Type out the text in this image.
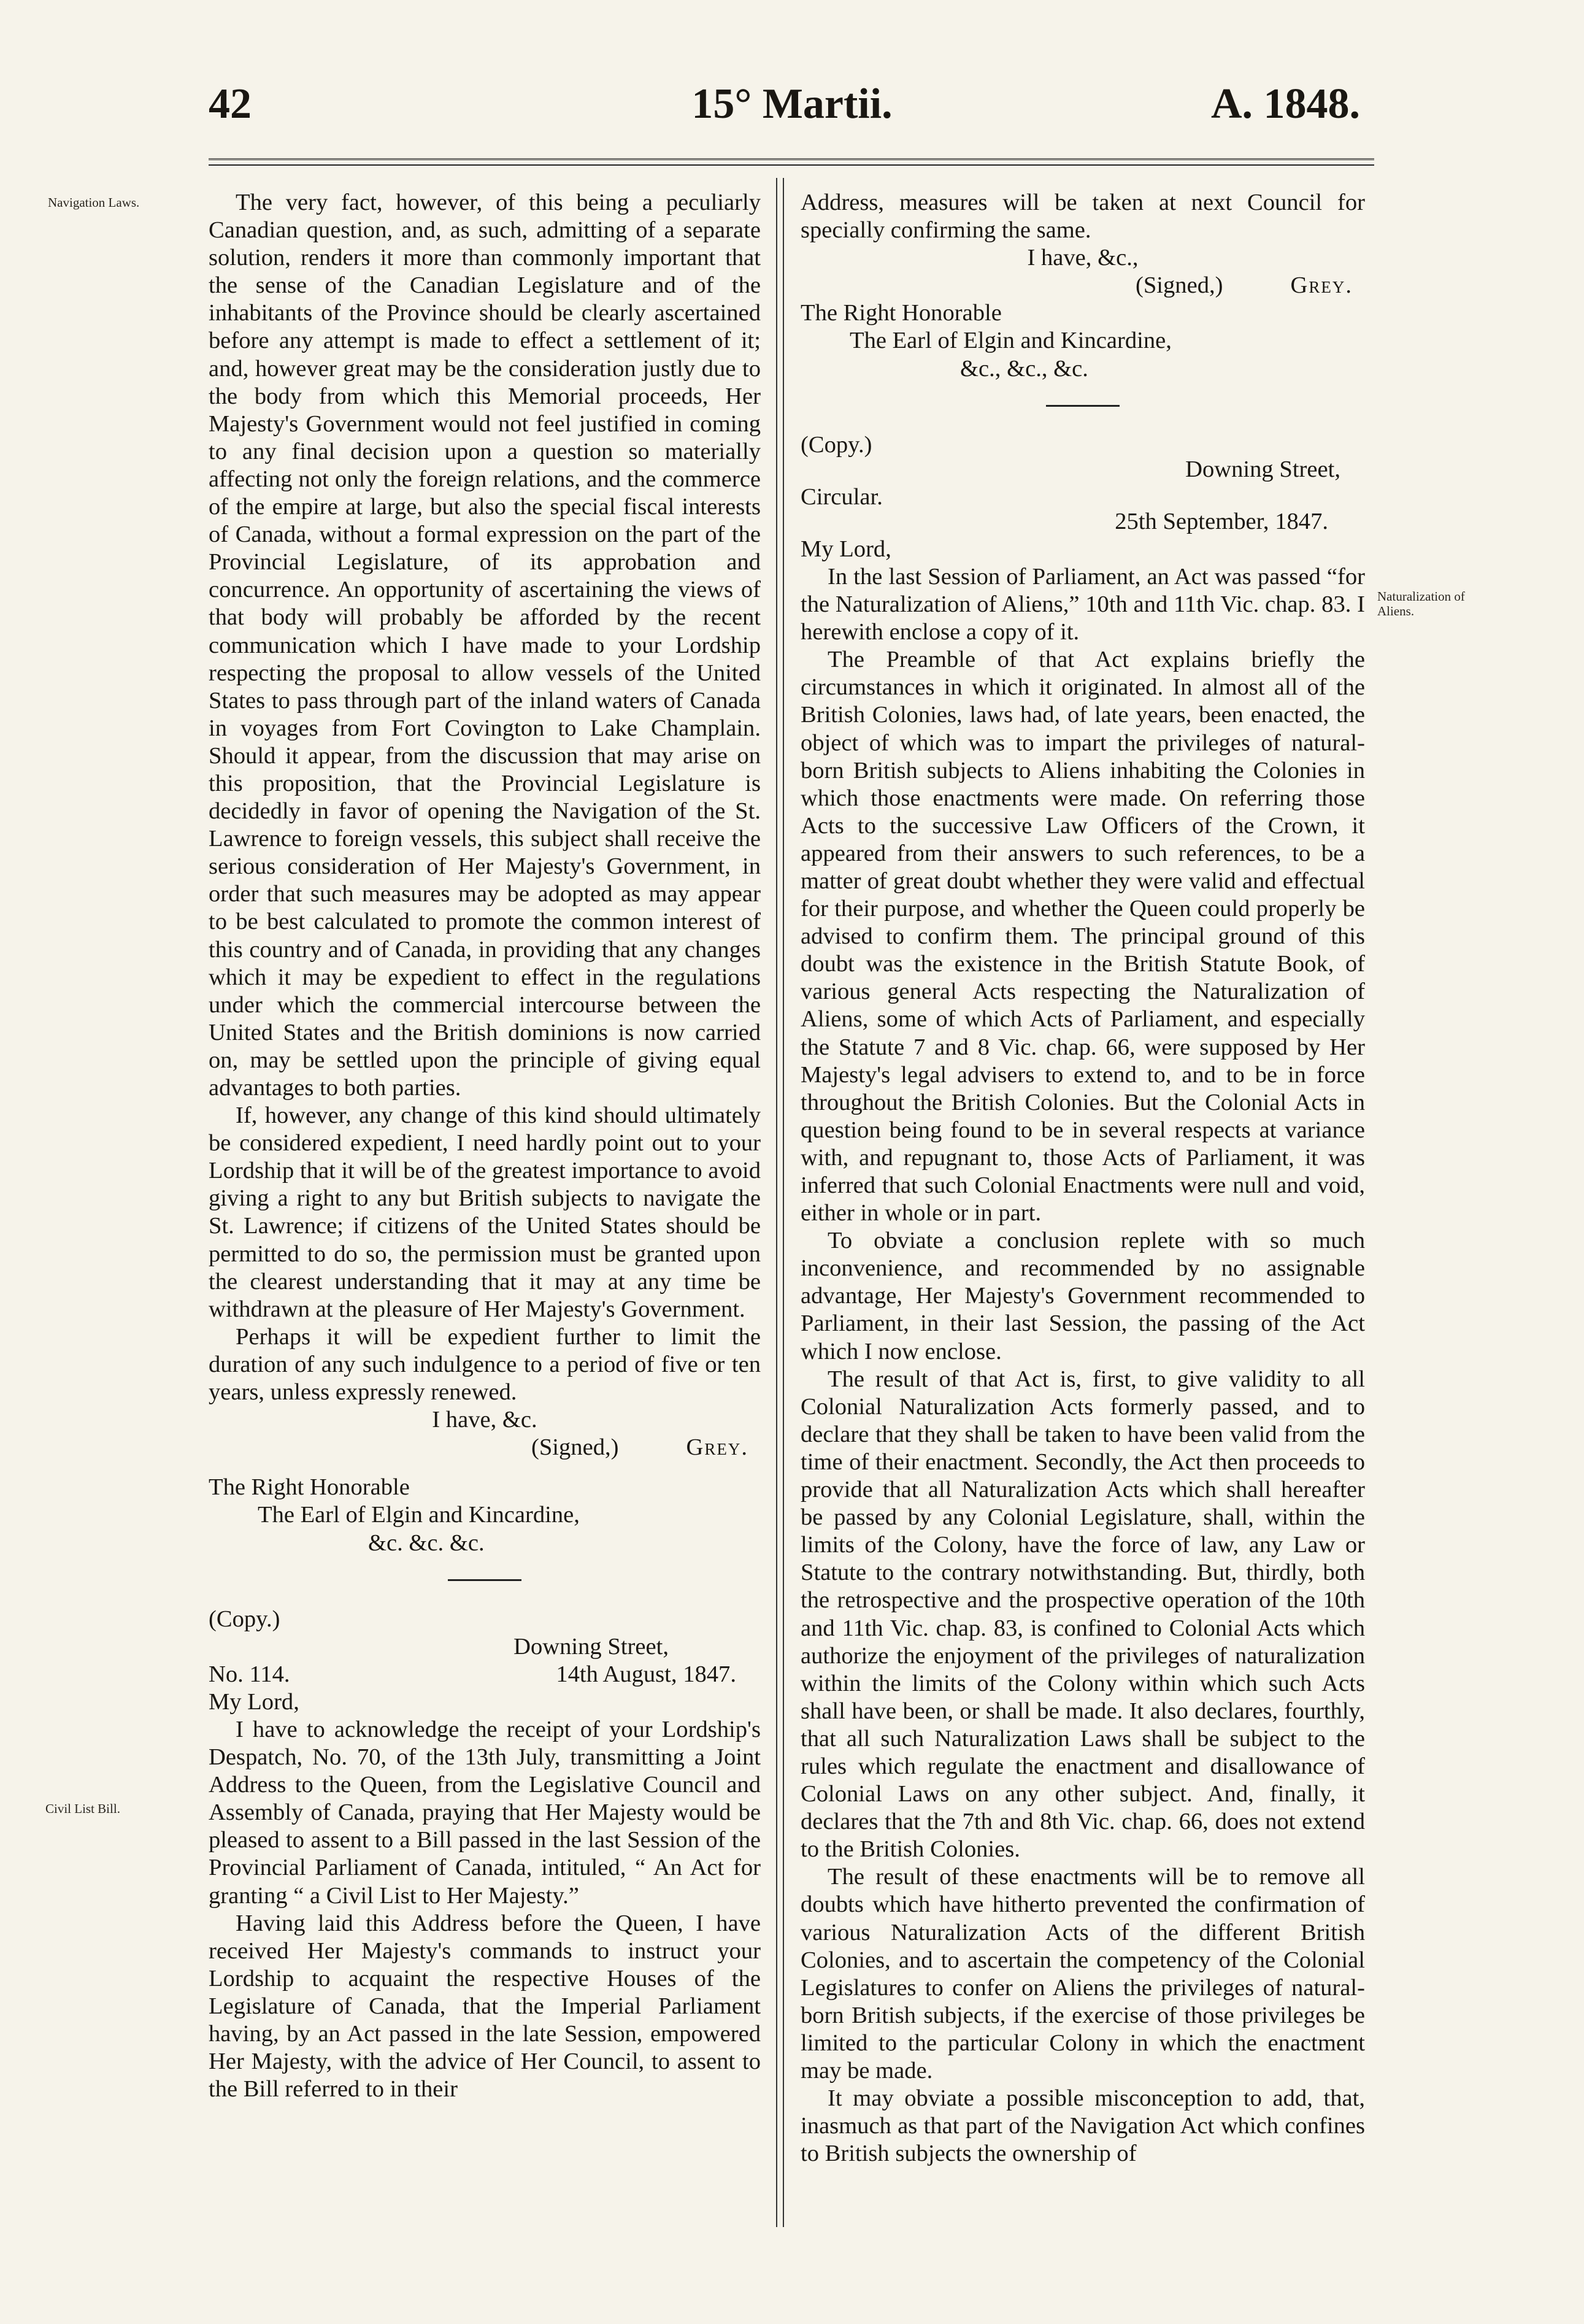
42	15° Martii.	A. 1848.
Navigation Laws.
Civil List Bill.
Naturalization of Aliens.

The very fact, however, of this being a peculiarly Canadian question, and, as such, admitting of a separate solution, renders it more than commonly important that the sense of the Canadian Legislature and of the inhabitants of the Province should be clearly ascertained before any attempt is made to effect a settlement of it; and, however great may be the consideration justly due to the body from which this Memorial proceeds, Her Majesty's Government would not feel justified in coming to any final decision upon a question so materially affecting not only the foreign relations, and the commerce of the empire at large, but also the special fiscal interests of Canada, without a formal expression on the part of the Provincial Legislature, of its approbation and concurrence. An opportunity of ascertaining the views of that body will probably be afforded by the recent communication which I have made to your Lordship respecting the proposal to allow vessels of the United States to pass through part of the inland waters of Canada in voyages from Fort Covington to Lake Champlain. Should it appear, from the discussion that may arise on this proposition, that the Provincial Legislature is decidedly in favor of opening the Navigation of the St. Lawrence to foreign vessels, this subject shall receive the serious consideration of Her Majesty's Government, in order that such measures may be adopted as may appear to be best calculated to promote the common interest of this country and of Canada, in providing that any changes which it may be expedient to effect in the regulations under which the commercial intercourse between the United States and the British dominions is now carried on, may be settled upon the principle of giving equal advantages to both parties.

If, however, any change of this kind should ultimately be considered expedient, I need hardly point out to your Lordship that it will be of the greatest importance to avoid giving a right to any but British subjects to navigate the St. Lawrence; if citizens of the United States should be permitted to do so, the permission must be granted upon the clearest understanding that it may at any time be withdrawn at the pleasure of Her Majesty's Government.

Perhaps it will be expedient further to limit the duration of any such indulgence to a period of five or ten years, unless expressly renewed.

I have, &c.

(Signed,)	Grey.

The Right Honorable

The Earl of Elgin and Kincardine,

&c. &c. &c.

(Copy.)

Downing Street,

No. 114.	14th August, 1847.

My Lord,

I have to acknowledge the receipt of your Lordship's Despatch, No. 70, of the 13th July, transmitting a Joint Address to the Queen, from the Legislative Council and Assembly of Canada, praying that Her Majesty would be pleased to assent to a Bill passed in the last Session of the Provincial Parliament of Canada, intituled, “ An Act for granting “ a Civil List to Her Majesty.”

Having laid this Address before the Queen, I have received Her Majesty's commands to instruct your Lordship to acquaint the respective Houses of the Legislature of Canada, that the Imperial Parliament having, by an Act passed in the late Session, empowered Her Majesty, with the advice of Her Council, to assent to the Bill referred to in their

Address, measures will be taken at next Council for specially confirming the same.

I have, &c.,

(Signed,)	Grey.

The Right Honorable

The Earl of Elgin and Kincardine,

&c., &c., &c.

(Copy.)
Downing Street,
Circular.
25th September, 1847.

My Lord,

In the last Session of Parliament, an Act was passed “for the Naturalization of Aliens,” 10th and 11th Vic. chap. 83. I herewith enclose a copy of it.

The Preamble of that Act explains briefly the circumstances in which it originated. In almost all of the British Colonies, laws had, of late years, been enacted, the object of which was to impart the privileges of natural-born British subjects to Aliens inhabiting the Colonies in which those enactments were made. On referring those Acts to the successive Law Officers of the Crown, it appeared from their answers to such references, to be a matter of great doubt whether they were valid and effectual for their purpose, and whether the Queen could properly be advised to confirm them. The principal ground of this doubt was the existence in the British Statute Book, of various general Acts respecting the Naturalization of Aliens, some of which Acts of Parliament, and especially the Statute 7 and 8 Vic. chap. 66, were supposed by Her Majesty's legal advisers to extend to, and to be in force throughout the British Colonies. But the Colonial Acts in question being found to be in several respects at variance with, and repugnant to, those Acts of Parliament, it was inferred that such Colonial Enactments were null and void, either in whole or in part.

To obviate a conclusion replete with so much inconvenience, and recommended by no assignable advantage, Her Majesty's Government recommended to Parliament, in their last Session, the passing of the Act which I now enclose.

The result of that Act is, first, to give validity to all Colonial Naturalization Acts formerly passed, and to declare that they shall be taken to have been valid from the time of their enactment. Secondly, the Act then proceeds to provide that all Naturalization Acts which shall hereafter be passed by any Colonial Legislature, shall, within the limits of the Colony, have the force of law, any Law or Statute to the contrary notwithstanding. But, thirdly, both the retrospective and the prospective operation of the 10th and 11th Vic. chap. 83, is confined to Colonial Acts which authorize the enjoyment of the privileges of naturalization within the limits of the Colony within which such Acts shall have been, or shall be made. It also declares, fourthly, that all such Naturalization Laws shall be subject to the rules which regulate the enactment and disallowance of Colonial Laws on any other subject. And, finally, it declares that the 7th and 8th Vic. chap. 66, does not extend to the British Colonies.

The result of these enactments will be to remove all doubts which have hitherto prevented the confirmation of various Naturalization Acts of the different British Colonies, and to ascertain the competency of the Colonial Legislatures to confer on Aliens the privileges of natural-born British subjects, if the exercise of those privileges be limited to the particular Colony in which the enactment may be made.

It may obviate a possible misconception to add, that, inasmuch as that part of the Navigation Act which confines to British subjects the ownership of
